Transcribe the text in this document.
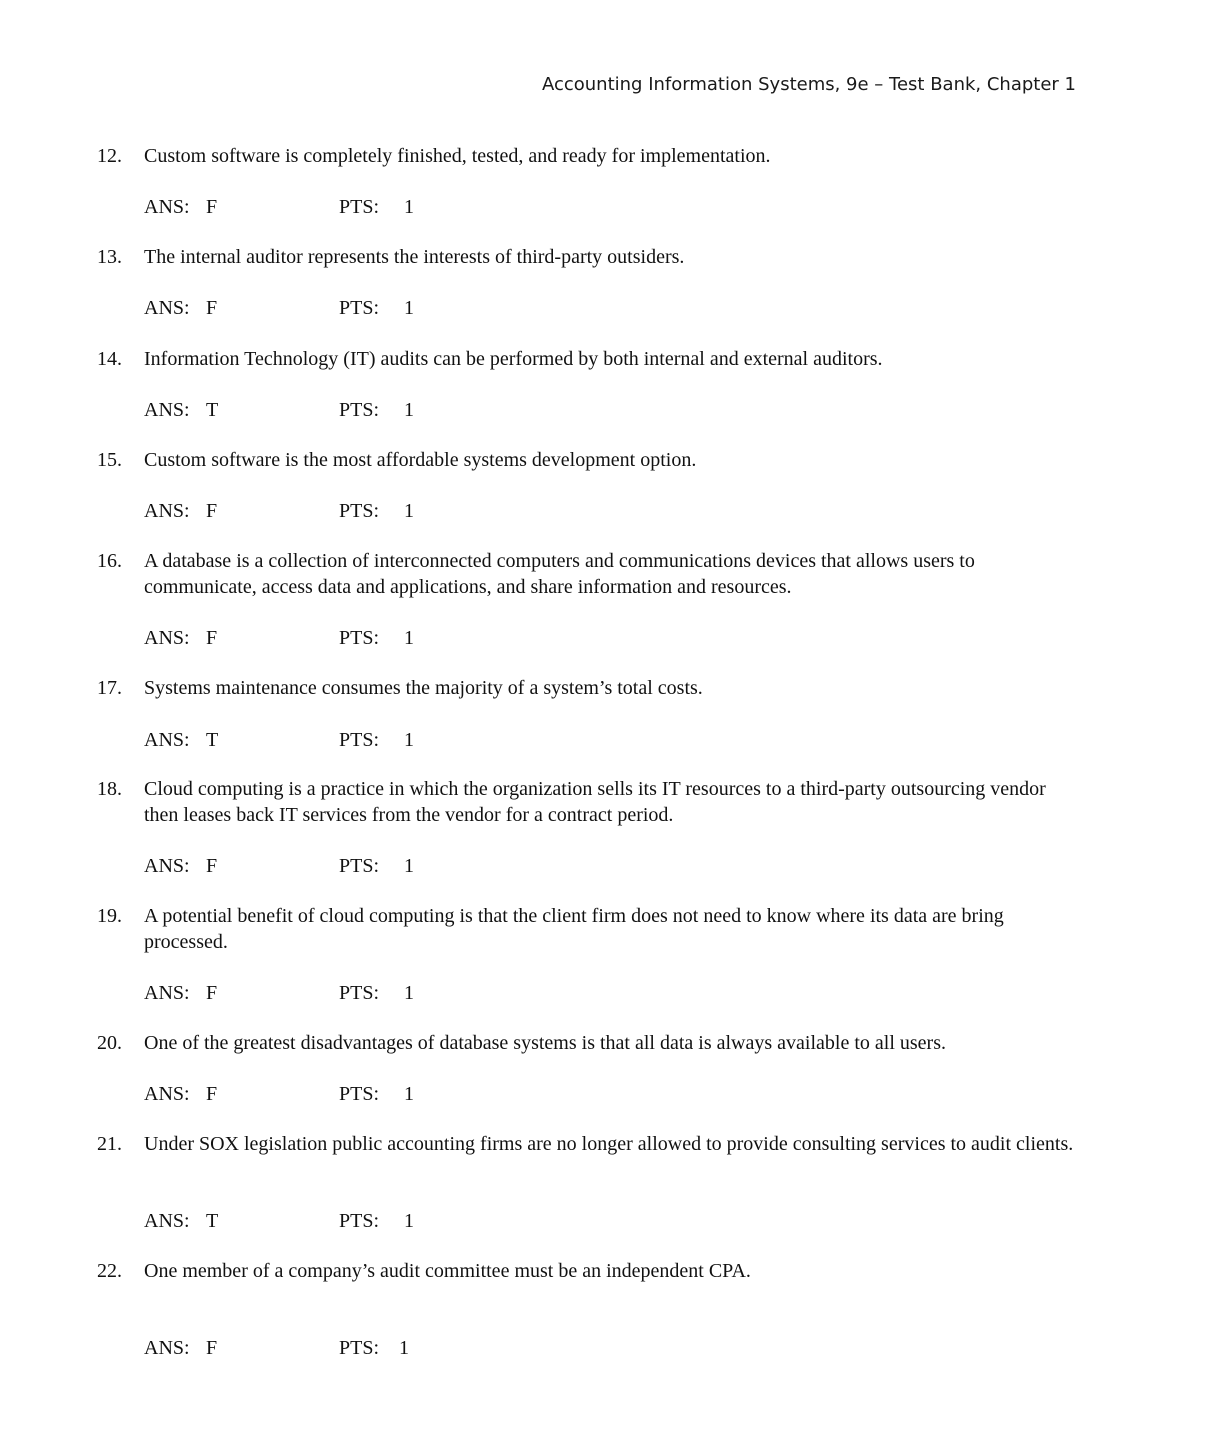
Accounting Information Systems, 9e – Test Bank, Chapter 1
12. Custom software is completely finished, tested, and ready for implementation.
ANS: F	PTS: 1
13. The internal auditor represents the interests of third-party outsiders.
ANS: F	PTS: 1
14. Information Technology (IT) audits can be performed by both internal and external auditors.
ANS: T	PTS: 1
15. Custom software is the most affordable systems development option.
ANS: F	PTS: 1
16. A database is a collection of interconnected computers and communications devices that allows users to communicate, access data and applications, and share information and resources.
ANS: F	PTS: 1
17. Systems maintenance consumes the majority of a system’s total costs.
ANS: T	PTS: 1
18. Cloud computing is a practice in which the organization sells its IT resources to a third-party outsourcing vendor then leases back IT services from the vendor for a contract period.
ANS: F	PTS: 1
19. A potential benefit of cloud computing is that the client firm does not need to know where its data are bring processed.
ANS: F	PTS: 1
20. One of the greatest disadvantages of database systems is that all data is always available to all users.
ANS: F	PTS: 1
21. Under SOX legislation public accounting firms are no longer allowed to provide consulting services to audit clients.
ANS: T	PTS: 1
22. One member of a company’s audit committee must be an independent CPA.
ANS: F	PTS: 1
